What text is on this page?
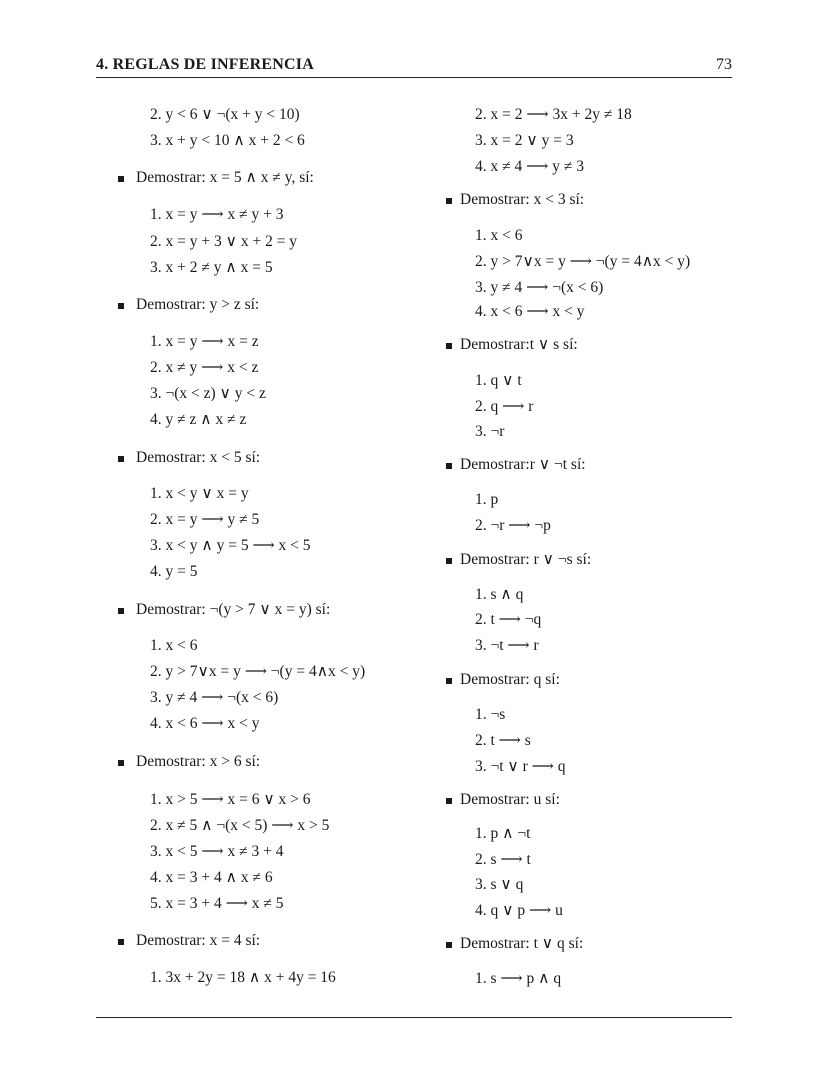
4. REGLAS DE INFERENCIA	73
2. y < 6 ∨ ¬(x + y < 10)
3. x + y < 10 ∧ x + 2 < 6
Demostrar: x = 5 ∧ x ≠ y, sí:
1. x = y ⟶ x ≠ y + 3
2. x = y + 3 ∨ x + 2 = y
3. x + 2 ≠ y ∧ x = 5
Demostrar: y > z sí:
1. x = y ⟶ x = z
2. x ≠ y ⟶ x < z
3. ¬(x < z) ∨ y < z
4. y ≠ z ∧ x ≠ z
Demostrar: x < 5 sí:
1. x < y ∨ x = y
2. x = y ⟶ y ≠ 5
3. x < y ∧ y = 5 ⟶ x < 5
4. y = 5
Demostrar: ¬(y > 7 ∨ x = y) sí:
1. x < 6
2. y > 7∨x = y ⟶ ¬(y = 4∧x < y)
3. y ≠ 4 ⟶ ¬(x < 6)
4. x < 6 ⟶ x < y
Demostrar: x > 6 sí:
1. x > 5 ⟶ x = 6 ∨ x > 6
2. x ≠ 5 ∧ ¬(x < 5) ⟶ x > 5
3. x < 5 ⟶ x ≠ 3 + 4
4. x = 3 + 4 ∧ x ≠ 6
5. x = 3 + 4 ⟶ x ≠ 5
Demostrar: x = 4 sí:
1. 3x + 2y = 18 ∧ x + 4y = 16
2. x = 2 ⟶ 3x + 2y ≠ 18
3. x = 2 ∨ y = 3
4. x ≠ 4 ⟶ y ≠ 3
Demostrar: x < 3 sí:
1. x < 6
2. y > 7∨x = y ⟶ ¬(y = 4∧x < y)
3. y ≠ 4 ⟶ ¬(x < 6)
4. x < 6 ⟶ x < y
Demostrar:t ∨ s sí:
1. q ∨ t
2. q ⟶ r
3. ¬r
Demostrar:r ∨ ¬t sí:
1. p
2. ¬r ⟶ ¬p
Demostrar: r ∨ ¬s sí:
1. s ∧ q
2. t ⟶ ¬q
3. ¬t ⟶ r
Demostrar: q sí:
1. ¬s
2. t ⟶ s
3. ¬t ∨ r ⟶ q
Demostrar: u sí:
1. p ∧ ¬t
2. s ⟶ t
3. s ∨ q
4. q ∨ p ⟶ u
Demostrar: t ∨ q sí:
1. s ⟶ p ∧ q
